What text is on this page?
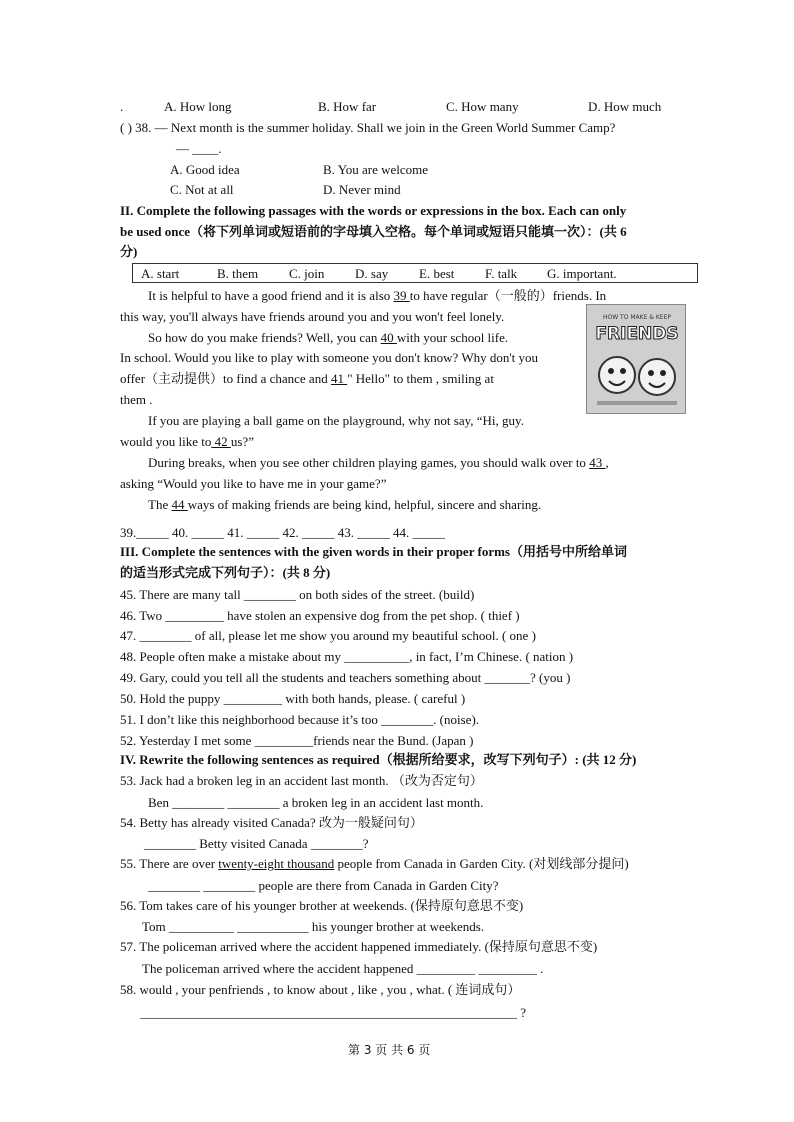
.	A. How long	B. How far	C. How many	D. How much
( ) 38. — Next month is the summer holiday. Shall we join in the Green World Summer Camp?
— ____.
A. Good idea	B. You are welcome
C. Not at all	D. Never mind
II. Complete the following passages with the words or expressions in the box. Each can only
be used once（将下列单词或短语前的字母填入空格。每个单词或短语只能填一次）：(共 6
分)
A. start	B. them C. join D. say E. best F. talk G. important.
It is helpful to have a good friend and it is also 39 to have regular（一般的）friends. In
this way, you'll always have friends around you and you won't feel lonely.
So how do you make friends? Well, you can 40 with your school life.
In school. Would you like to play with someone you don't know? Why don't you
offer（主动提供）to find a chance and 41 " Hello" to them , smiling at
them .
If you are playing a ball game on the playground, why not say, “Hi, guy.
would you like to 42 us?”
During breaks, when you see other children playing games, you should walk over to 43 ,
asking “Would you like to have me in your game?”
The 44 ways of making friends are being kind, helpful, sincere and sharing.
HOW TO MAKE & KEEP
FRIENDS
39._____ 40. _____ 41. _____ 42. _____ 43. _____ 44. _____
III. Complete the sentences with the given words in their proper forms（用括号中所给单词
的适当形式完成下列句子）：(共 8 分)
45. There are many tall ________ on both sides of the street. (build)
46. Two _________ have stolen an expensive dog from the pet shop. ( thief )
47. ________ of all, please let me show you around my beautiful school. ( one )
48. People often make a mistake about my __________, in fact, I’m Chinese. ( nation )
49. Gary, could you tell all the students and teachers something about _______? (you )
50. Hold the puppy _________ with both hands, please. ( careful )
51. I don’t like this neighborhood because it’s too ________. (noise).
52. Yesterday I met some _________friends near the Bund. (Japan )
IV. Rewrite the following sentences as required（根据所给要求，改写下列句子）: (共 12 分)
53. Jack had a broken leg in an accident last month. （改为否定句）
Ben ________ ________ a broken leg in an accident last month.
54. Betty has already visited Canada? 改为一般疑问句）
________ Betty visited Canada ________?
55. There are over twenty-eight thousand people from Canada in Garden City. (对划线部分提问)
________ ________ people are there from Canada in Garden City?
56. Tom takes care of his younger brother at weekends. (保持原句意思不变)
Tom __________ ___________ his younger brother at weekends.
57. The policeman arrived where the accident happened immediately. (保持原句意思不变)
The policeman arrived where the accident happened _________ _________ .
58. would , your penfriends , to know about , like , you , what. ( 连词成句）
__________________________________________________________ ?
第 3 页 共 6 页
